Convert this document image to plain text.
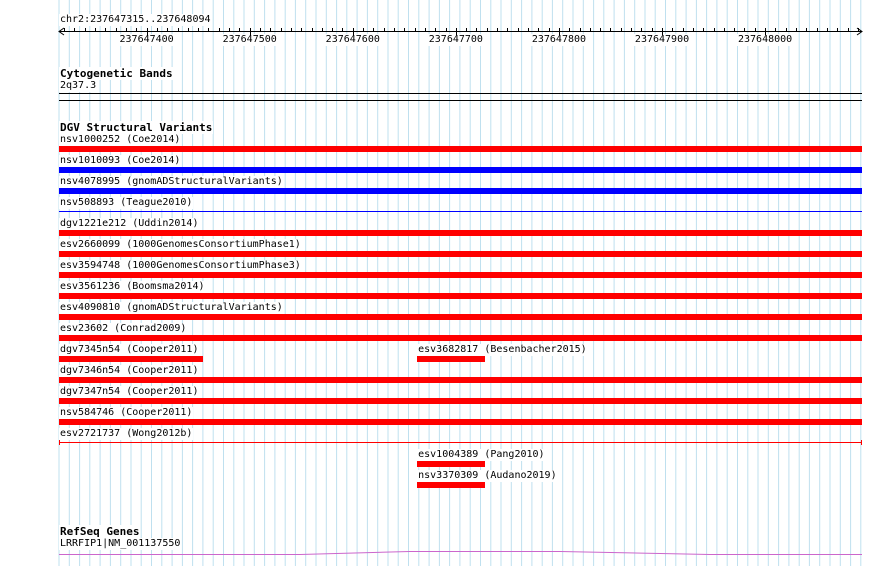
chr2:237647315..237648094
237647400	237647500	237647600	237647700	237647800	237647900	237648000
Cytogenetic Bands
2q37.3
DGV Structural Variants
nsv1000252 (Coe2014)
nsv1010093 (Coe2014)
nsv4078995 (gnomADStructuralVariants)
nsv508893 (Teague2010)
dgv1221e212 (Uddin2014)
esv2660099 (1000GenomesConsortiumPhase1)
esv3594748 (1000GenomesConsortiumPhase3)
esv3561236 (Boomsma2014)
esv4090810 (gnomADStructuralVariants)
esv23602 (Conrad2009)
dgv7345n54 (Cooper2011)	esv3682817 (Besenbacher2015)
dgv7346n54 (Cooper2011)
dgv7347n54 (Cooper2011)
nsv584746 (Cooper2011)
esv2721737 (Wong2012b)
esv1004389 (Pang2010)
nsv3370309 (Audano2019)
RefSeq Genes
LRRFIP1|NM_001137550
